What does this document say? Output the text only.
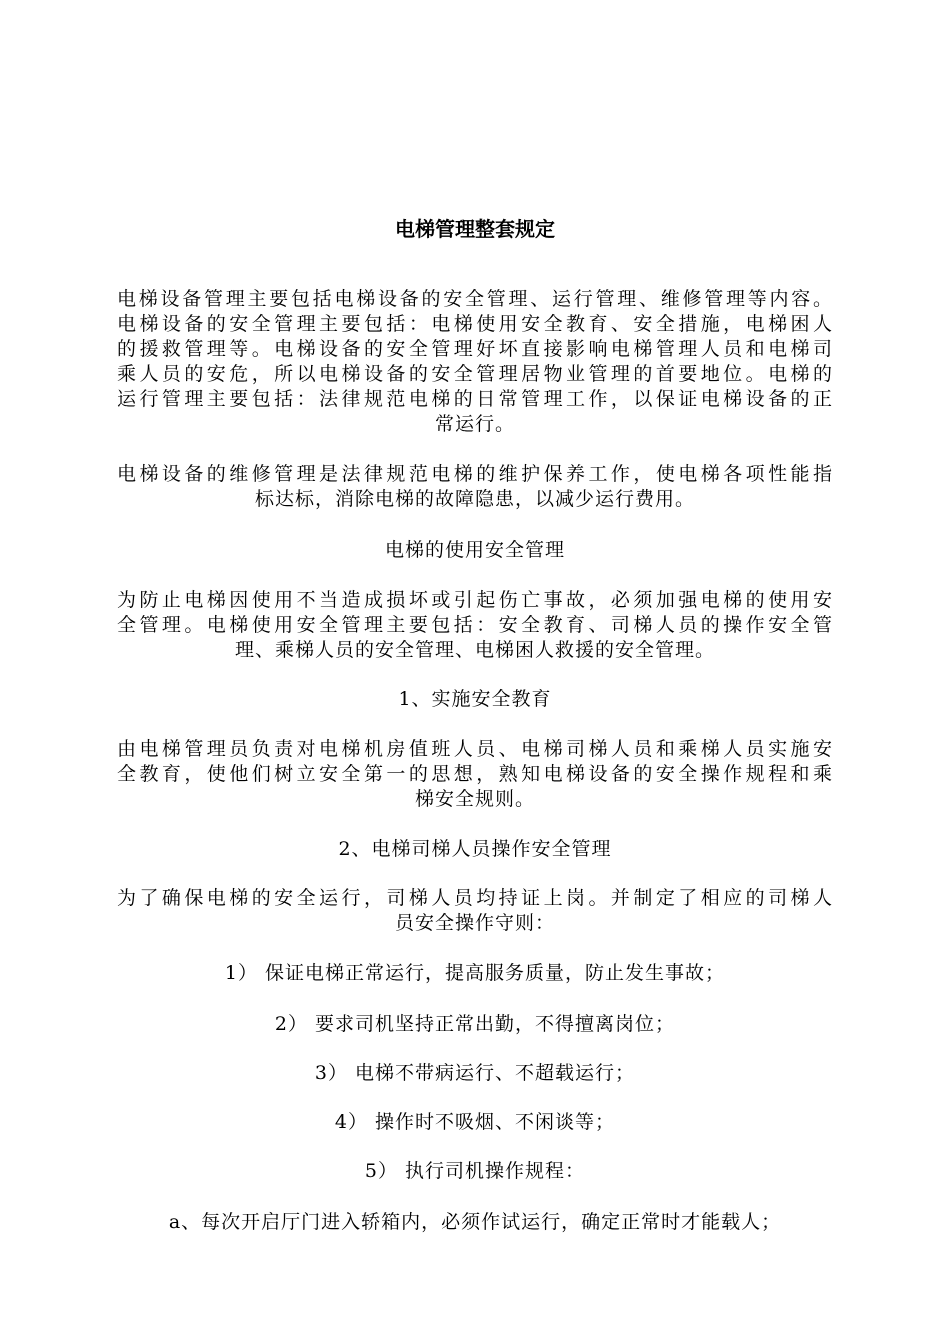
电梯管理整套规定
电梯设备管理主要包括电梯设备的安全管理、运行管理、维修管理等内容。
电梯设备的安全管理主要包括：电梯使用安全教育、安全措施，电梯困人
的援救管理等。电梯设备的安全管理好坏直接影响电梯管理人员和电梯司
乘人员的安危，所以电梯设备的安全管理居物业管理的首要地位。电梯的
运行管理主要包括：法律规范电梯的日常管理工作，以保证电梯设备的正
常运行。
电梯设备的维修管理是法律规范电梯的维护保养工作，使电梯各项性能指
标达标，消除电梯的故障隐患，以减少运行费用。
电梯的使用安全管理
为防止电梯因使用不当造成损坏或引起伤亡事故，必须加强电梯的使用安
全管理。电梯使用安全管理主要包括：安全教育、司梯人员的操作安全管
理、乘梯人员的安全管理、电梯困人救援的安全管理。
1、实施安全教育
由电梯管理员负责对电梯机房值班人员、电梯司梯人员和乘梯人员实施安
全教育，使他们树立安全第一的思想，熟知电梯设备的安全操作规程和乘
梯安全规则。
2、电梯司梯人员操作安全管理
为了确保电梯的安全运行，司梯人员均持证上岗。并制定了相应的司梯人
员安全操作守则：
1） 保证电梯正常运行，提高服务质量，防止发生事故；
2） 要求司机坚持正常出勤，不得擅离岗位；
3） 电梯不带病运行、不超载运行；
4） 操作时不吸烟、不闲谈等；
5） 执行司机操作规程：
a、每次开启厅门进入轿箱内，必须作试运行，确定正常时才能载人；
